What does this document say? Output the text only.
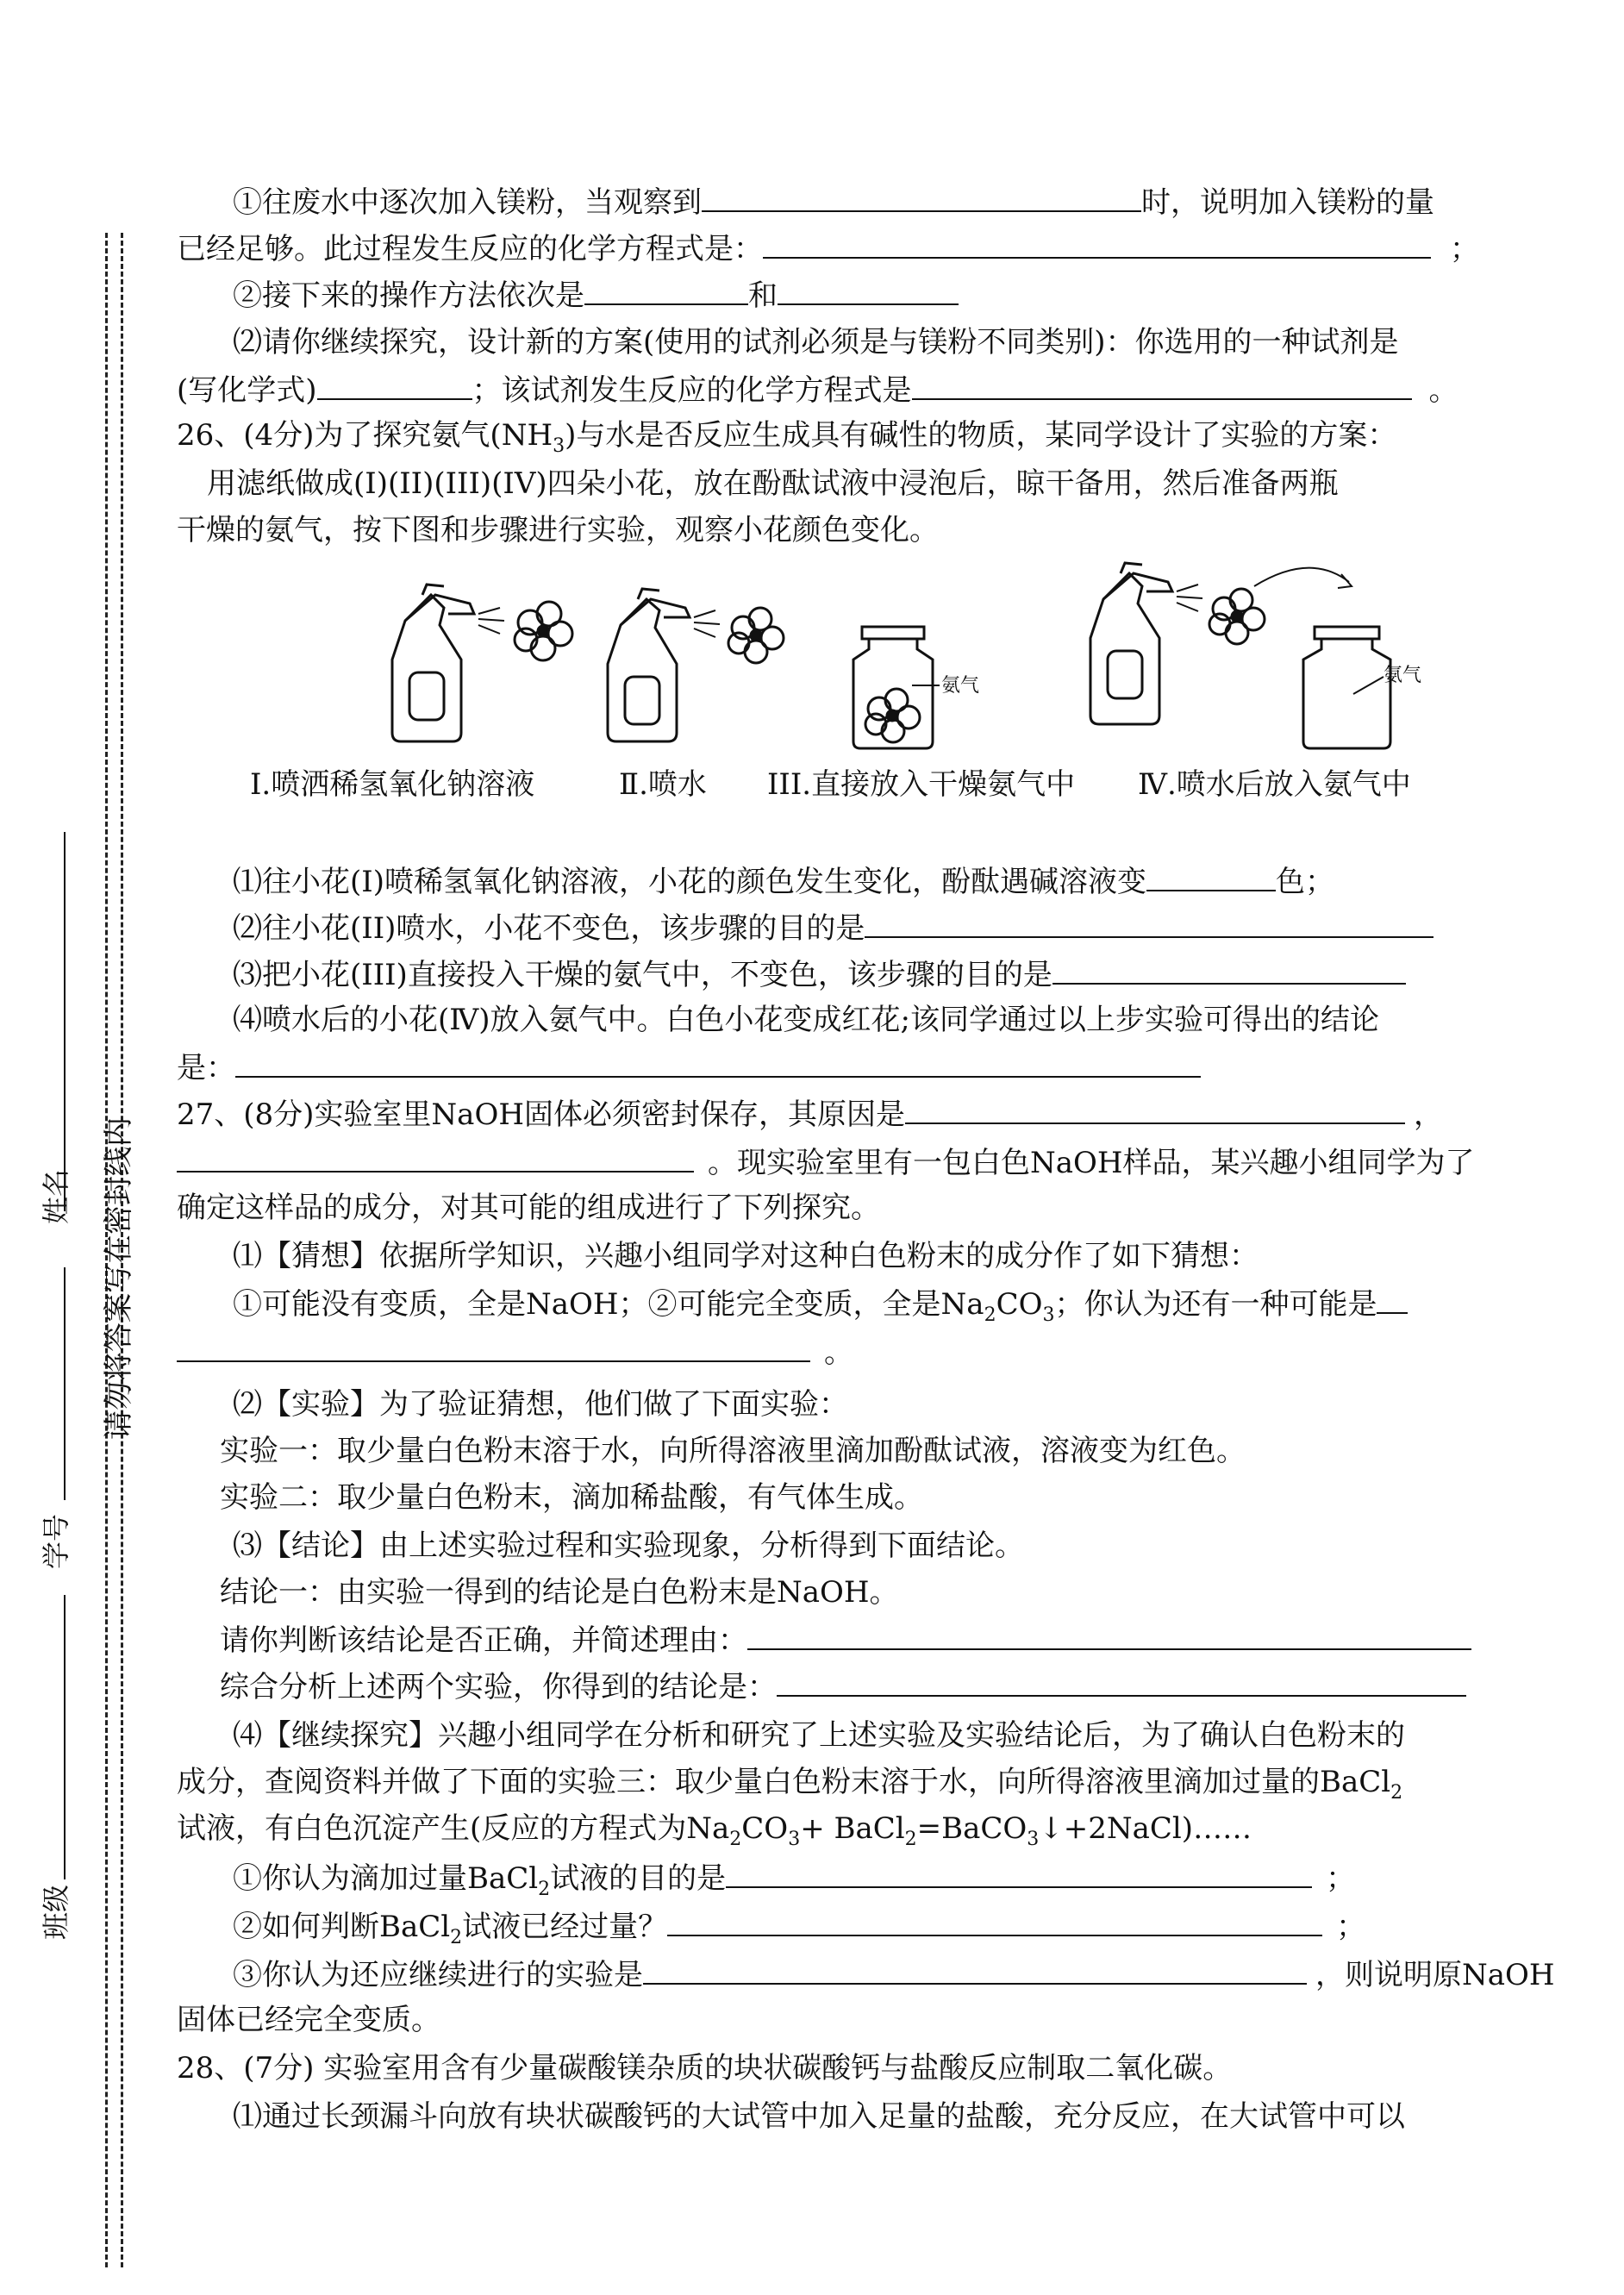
请勿将答案写在密封线内
姓名
学号
班级
①往废水中逐次加入镁粉，当观察到	时，说明加入镁粉的量
已经足够。此过程发生反应的化学方程式是：	；
②接下来的操作方法依次是	和
⑵请你继续探究，设计新的方案(使用的试剂必须是与镁粉不同类别)：你选用的一种试剂是
(写化学式)	；该试剂发生反应的化学方程式是	。
26、(4分)为了探究氨气$(NH_3)$与水是否反应生成具有碱性的物质，某同学设计了实验的方案：
用滤纸做成(I)(II)(III)(IV)四朵小花，放在酚酞试液中浸泡后，晾干备用，然后准备两瓶
干燥的氨气，按下图和步骤进行实验，观察小花颜色变化。
氨气	氨气
Ⅰ.喷洒稀氢氧化钠溶液	Ⅱ.喷水 III.直接放入干燥氨气中 Ⅳ.喷水后放入氨气中
⑴往小花(I)喷稀氢氧化钠溶液，小花的颜色发生变化，酚酞遇碱溶液变	色；
⑵往小花(II)喷水，小花不变色，该步骤的目的是
⑶把小花(III)直接投入干燥的氨气中，不变色，该步骤的目的是
⑷喷水后的小花(Ⅳ)放入氨气中。白色小花变成红花;该同学通过以上步实验可得出的结论
是：
27、(8分)实验室里NaOH固体必须密封保存，其原因是	，
。现实验室里有一包白色NaOH样品，某兴趣小组同学为了
确定这样品的成分，对其可能的组成进行了下列探究。
⑴【猜想】依据所学知识，兴趣小组同学对这种白色粉末的成分作了如下猜想：
①可能没有变质，全是NaOH；②可能完全变质，全是$Na_2CO_3$；你认为还有一种可能是
。
⑵【实验】为了验证猜想，他们做了下面实验：
实验一：取少量白色粉末溶于水，向所得溶液里滴加酚酞试液，溶液变为红色。
实验二：取少量白色粉末，滴加稀盐酸，有气体生成。
⑶【结论】由上述实验过程和实验现象，分析得到下面结论。
结论一：由实验一得到的结论是白色粉末是NaOH。
请你判断该结论是否正确，并简述理由：
综合分析上述两个实验，你得到的结论是：
⑷【继续探究】兴趣小组同学在分析和研究了上述实验及实验结论后，为了确认白色粉末的
成分，查阅资料并做了下面的实验三：取少量白色粉末溶于水，向所得溶液里滴加过量的BaCl$_2$
试液，有白色沉淀产生(反应的方程式为$Na_2CO_3+$ BaCl$_2$=BaCO$_3$↓+2NaCl)……
①你认为滴加过量BaCl$_2$试液的目的是	；
②如何判断BaCl$_2$试液已经过量？	；
③你认为还应继续进行的实验是	，则说明原NaOH
固体已经完全变质。
28、(7分) 实验室用含有少量碳酸镁杂质的块状碳酸钙与盐酸反应制取二氧化碳。
⑴通过长颈漏斗向放有块状碳酸钙的大试管中加入足量的盐酸，充分反应，在大试管中可以
